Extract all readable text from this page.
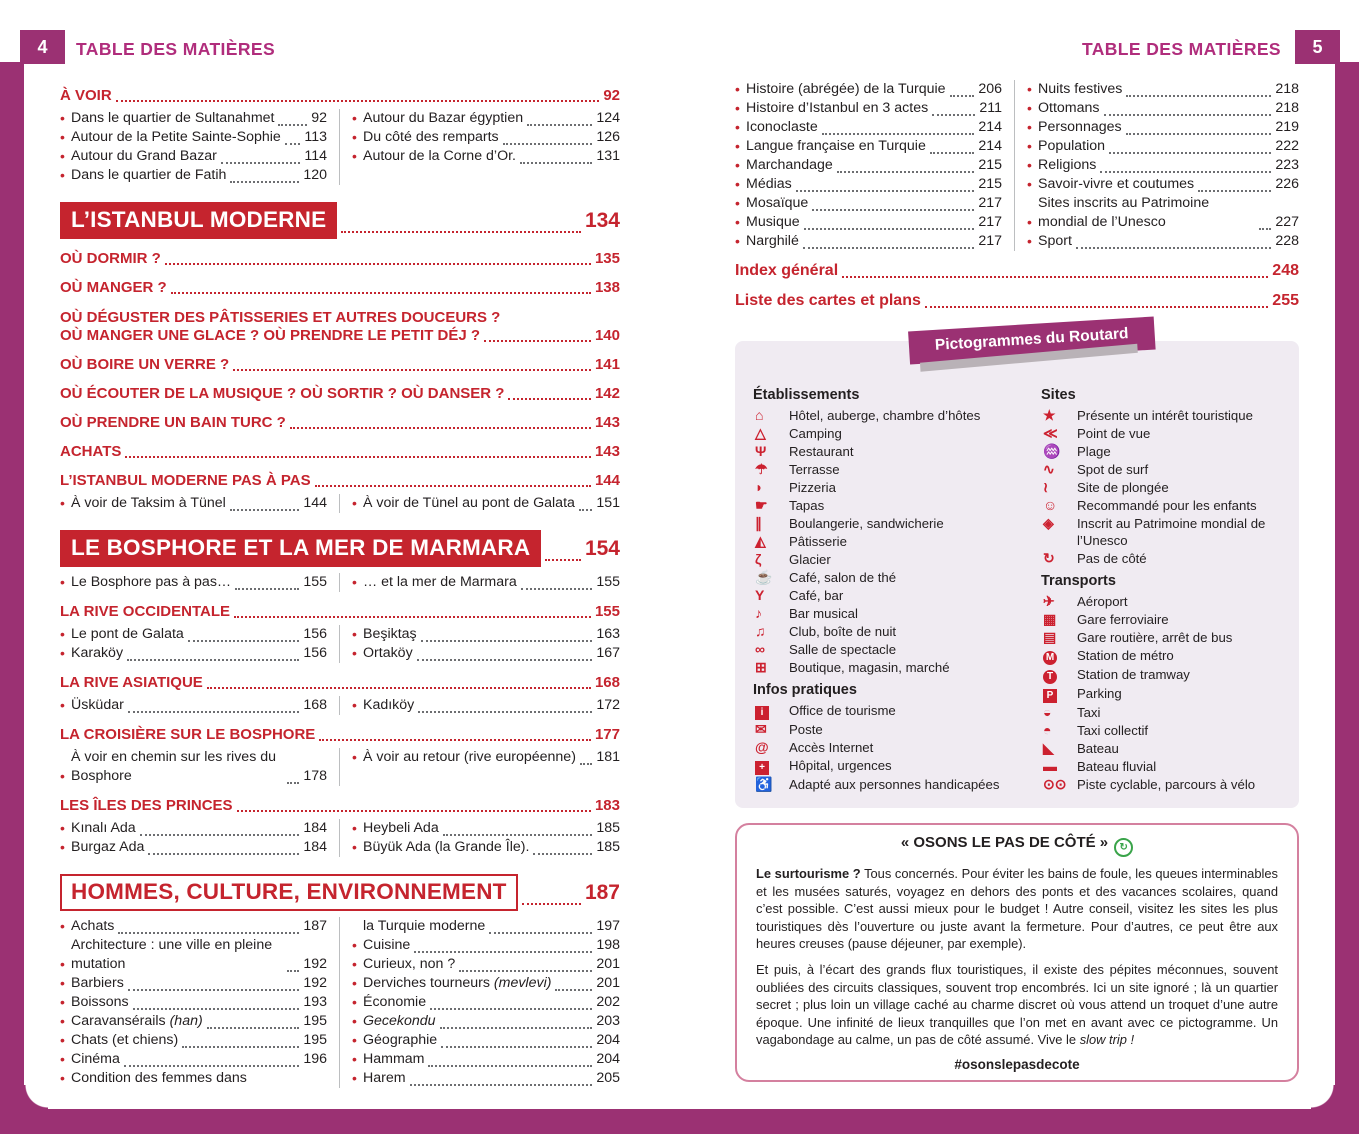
4	5
TABLE DES MATIÈRES	TABLE DES MATIÈRES
À VOIR	92
• Dans le quartier de Sultanahmet	92
• Autour de la Petite Sainte-Sophie 113
• Autour du Grand Bazar	114
• Dans le quartier de Fatih	120
• Autour du Bazar égyptien	124
• Du côté des remparts	126
• Autour de la Corne d’Or.	131
L’ISTANBUL MODERNE	134
OÙ DORMIR ?	135
OÙ MANGER ?	138
OÙ DÉGUSTER DES PÂTISSERIES ET AUTRES DOUCEURS ?
OÙ MANGER UNE GLACE ? OÙ PRENDRE LE PETIT DÉJ ?	140
OÙ BOIRE UN VERRE ?	141
OÙ ÉCOUTER DE LA MUSIQUE ? OÙ SORTIR ? OÙ DANSER ?	142
OÙ PRENDRE UN BAIN TURC ?	143
ACHATS	143
L’ISTANBUL MODERNE PAS À PAS	144
• À voir de Taksim à Tünel	144 • À voir de Tünel au pont de Galata 151
LE BOSPHORE ET LA MER DE MARMARA	154
• Le Bosphore pas à pas…	155 • … et la mer de Marmara	155
LA RIVE OCCIDENTALE	155
• Le pont de Galata	156
• Karaköy	156
• Beşiktaş	163
• Ortaköy	167
LA RIVE ASIATIQUE	168
• Üsküdar	168 • Kadıköy	172
LA CROISIÈRE SUR LE BOSPHORE	177
•
À voir en chemin sur les rives du Bosphore	178
• À voir au retour (rive européenne) 181
LES ÎLES DES PRINCES	183
• Kınalı Ada	184
• Burgaz Ada	184
• Heybeli Ada	185
• Büyük Ada (la Grande Île).	185
HOMMES, CULTURE, ENVIRONNEMENT	187
• Achats	187
•
Architecture : une ville en pleine mutation	192
• Barbiers	192
• Boissons	193
• Caravansérails (han)	195
• Chats (et chiens)	195
• Cinéma	196
• Condition des femmes dans

la Turquie moderne	197
• Cuisine	198
• Curieux, non ?	201
• Derviches tourneurs (mevlevi)	201
• Économie	202
• Gecekondu	203
• Géographie	204
• Hammam	204
• Harem	205
• Histoire (abrégée) de la Turquie 206
• Histoire d’Istanbul en 3 actes	211
• Iconoclaste	214
• Langue française en Turquie	214
• Marchandage	215
• Médias	215
• Mosaïque	217
• Musique	217
• Narghilé	217
• Nuits festives	218
• Ottomans	218
• Personnages	219
• Population	222
• Religions	223
• Savoir-vivre et coutumes	226
•
Sites inscrits au Patrimoine mondial de l’Unesco	227
• Sport	228
Index général	248
Liste des cartes et plans	255
Pictogrammes du Routard
Établissements
⌂	Hôtel, auberge, chambre d’hôtes
△	Camping
Ψ	Restaurant
☂	Terrasse
◗	Pizzeria
☛	Tapas
∥	Boulangerie, sandwicherie
◭	Pâtisserie
ζ	Glacier
☕	Café, salon de thé
Y	Café, bar
♪	Bar musical
♫	Club, boîte de nuit
∞	Salle de spectacle
⊞	Boutique, magasin, marché
Infos pratiques
i	Office de tourisme
✉	Poste
@	Accès Internet
+	Hôpital, urgences
♿	Adapté aux personnes handicapées
Sites
★	Présente un intérêt touristique
≪	Point de vue
♒	Plage
∿	Spot de surf
≀	Site de plongée
☺	Recommandé pour les enfants
◈	Inscrit au Patrimoine mondial de l’Unesco
↻	Pas de côté
Transports
✈	Aéroport
▦	Gare ferroviaire
▤	Gare routière, arrêt de bus
M	Station de métro
T	Station de tramway
P	Parking
◒	Taxi
◓	Taxi collectif
◣	Bateau
▬	Bateau fluvial
⊙⊙ Piste cyclable, parcours à vélo
« OSONS LE PAS DE CÔTÉ » ↻

Le surtourisme ? Tous concernés. Pour éviter les bains de foule, les queues interminables et les musées saturés, voyagez en dehors des ponts et des vacances scolaires, quand c’est possible. C’est aussi mieux pour le budget ! Autre conseil, visitez les sites les plus touristiques dès l’ouverture ou juste avant la fermeture. Pour d’autres, ce peut être aux heures creuses (pause déjeuner, par exemple).

Et puis, à l’écart des grands flux touristiques, il existe des pépites méconnues, souvent oubliées des circuits classiques, souvent trop encombrés. Ici un site ignoré ; là un quartier secret ; plus loin un village caché au charme discret où vous attend un troquet d’une autre époque. Une infinité de lieux tranquilles que l’on met en avant avec ce pictogramme. Un vagabondage au calme, un pas de côté assumé. Vive le slow trip !

#osonslepasdecote
